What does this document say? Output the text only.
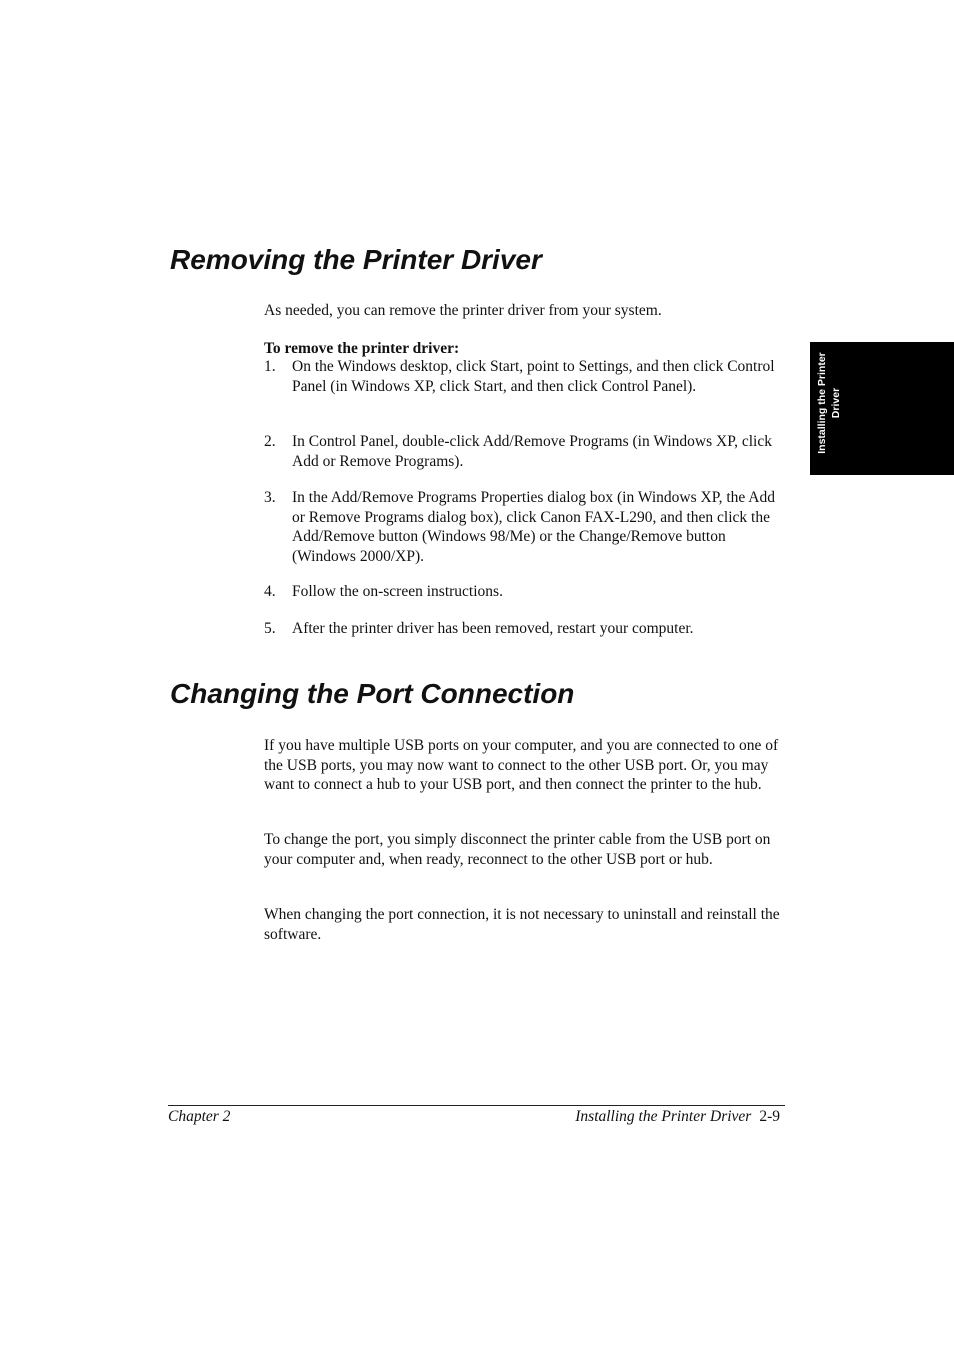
Removing the Printer Driver

As needed, you can remove the printer driver from your system.

To remove the printer driver:

1.	On the Windows desktop, click Start, point to Settings, and then click Control Panel (in Windows XP, click Start, and then click Control Panel).
2.	In Control Panel, double-click Add/Remove Programs (in Windows XP, click Add or Remove Programs).
3.	In the Add/Remove Programs Properties dialog box (in Windows XP, the Add or Remove Programs dialog box), click Canon FAX-L290, and then click the Add/Remove button (Windows 98/Me) or the Change/Remove button (Windows 2000/XP).
4.	Follow the on-screen instructions.
5.	After the printer driver has been removed, restart your computer.
Changing the Port Connection

If you have multiple USB ports on your computer, and you are connected to one of the USB ports, you may now want to connect to the other USB port. Or, you may want to connect a hub to your USB port, and then connect the printer to the hub.

To change the port, you simply disconnect the printer cable from the USB port on your computer and, when ready, reconnect to the other USB port or hub.

When changing the port connection, it is not necessary to uninstall and reinstall the software.

Installing the Printer Driver
Chapter 2	Installing the Printer Driver 2-9
